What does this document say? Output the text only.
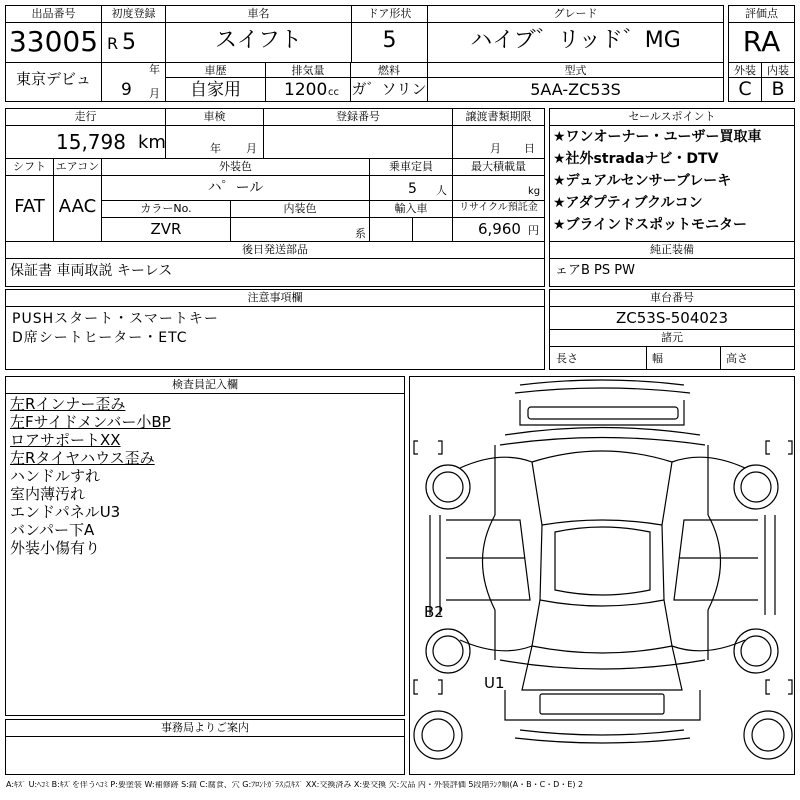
出品番号
33005
東京デビュ
初度登録
R 5
年
9 月
車名
スイフト
ドア形状
5
グレード
ハイブ゛リッド゛MG
車歴
自家用
排気量
1200 cc
燃料
ガ゛ソリン
型式
5AA-ZC53S
評価点
RA
外装	内装
C	B
走行
15,798 km
車検
年 月
登録番号	譲渡書類期限
月 日
シフト
FAT
エアコン
AAC
外装色
ハ゜ール
乗車定員
5 人
最大積載量
kg
カラーNo.
ZVR
内装色
系
輸入車	リサイクル預託金
6,960 円
後日発送部品
保証書 車両取説 キーレス
セールスポイント
★ワンオーナー・ユーザー買取車
★社外stradaナビ・DTV
★デュアルセンサーブレーキ
★アダプティブクルコン
★ブラインドスポットモニター
純正装備
ェアB PS PW
注意事項欄
PUSHスタート・スマートキー
D席シートヒーター・ETC
車台番号
ZC53S-504023
諸元
長さ	幅	高さ
検査員記入欄
左Rインナー歪み
左Fサイドメンバー小BP
ロアサポートXX
左Rタイヤハウス歪み
ハンドルすれ
室内薄汚れ
エンドパネルU3
バンパー下A
外装小傷有り
B2
U1
事務局よりご案内
A:ｷｽﾞ U:ﾍｺﾐ B:ｷｽﾞを伴うﾍｺﾐ P:要塗装 W:補修跡 S:錆 C:腐食、穴 G:ﾌﾛﾝﾄｶﾞﾗｽ点ｷｽﾞ XX:交換済み X:要交換 欠:欠品 内・外装評価 5段階ﾗﾝｸ順(A・B・C・D・E) 2
